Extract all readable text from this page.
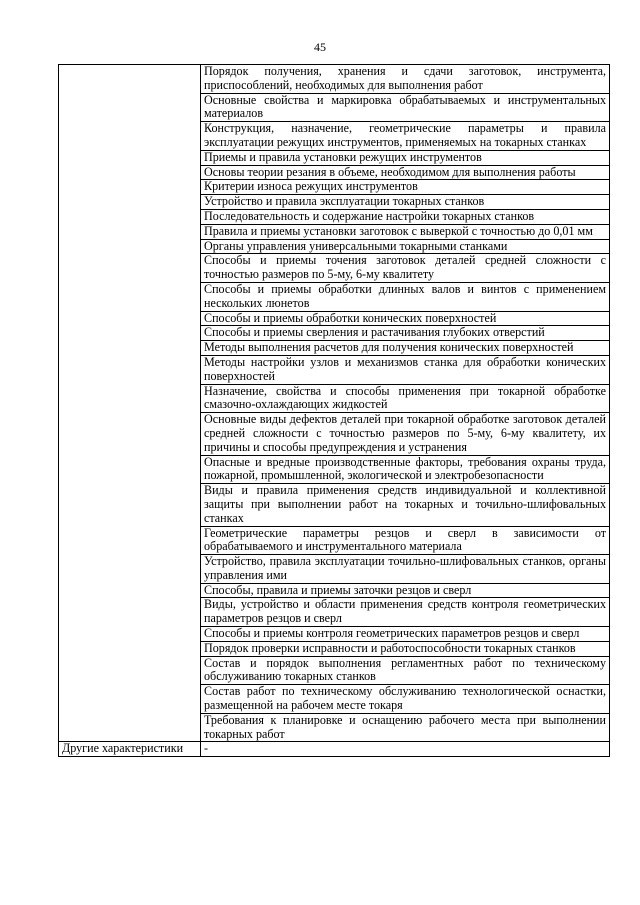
45
	Порядок получения, хранения и сдачи заготовок, инструмента, приспособлений, необходимых для выполнения работ
	Основные свойства и маркировка обрабатываемых и инструментальных материалов
	Конструкция, назначение, геометрические параметры и правила эксплуатации режущих инструментов, применяемых на токарных станках
	Приемы и правила установки режущих инструментов
	Основы теории резания в объеме, необходимом для выполнения работы
	Критерии износа режущих инструментов
	Устройство и правила эксплуатации токарных станков
	Последовательность и содержание настройки токарных станков
	Правила и приемы установки заготовок с выверкой с точностью до 0,01 мм
	Органы управления универсальными токарными станками
	Способы и приемы точения заготовок деталей средней сложности с точностью размеров по 5-му, 6-му квалитету
	Способы и приемы обработки длинных валов и винтов с применением нескольких люнетов
	Способы и приемы обработки конических поверхностей
	Способы и приемы сверления и растачивания глубоких отверстий
	Методы выполнения расчетов для получения конических поверхностей
	Методы настройки узлов и механизмов станка для обработки конических поверхностей
	Назначение, свойства и способы применения при токарной обработке смазочно-охлаждающих жидкостей
	Основные виды дефектов деталей при токарной обработке заготовок деталей средней сложности с точностью размеров по 5-му, 6-му квалитету, их причины и способы предупреждения и устранения
	Опасные и вредные производственные факторы, требования охраны труда, пожарной, промышленной, экологической и электробезопасности
	Виды и правила применения средств индивидуальной и коллективной защиты при выполнении работ на токарных и точильно-шлифовальных станках
	Геометрические параметры резцов и сверл в зависимости от обрабатываемого и инструментального материала
	Устройство, правила эксплуатации точильно-шлифовальных станков, органы управления ими
	Способы, правила и приемы заточки резцов и сверл
	Виды, устройство и области применения средств контроля геометрических параметров резцов и сверл
	Способы и приемы контроля геометрических параметров резцов и сверл
	Порядок проверки исправности и работоспособности токарных станков
	Состав и порядок выполнения регламентных работ по техническому обслуживанию токарных станков
	Состав работ по техническому обслуживанию технологической оснастки, размещенной на рабочем месте токаря
	Требования к планировке и оснащению рабочего места при выполнении токарных работ
Другие характеристики	-
